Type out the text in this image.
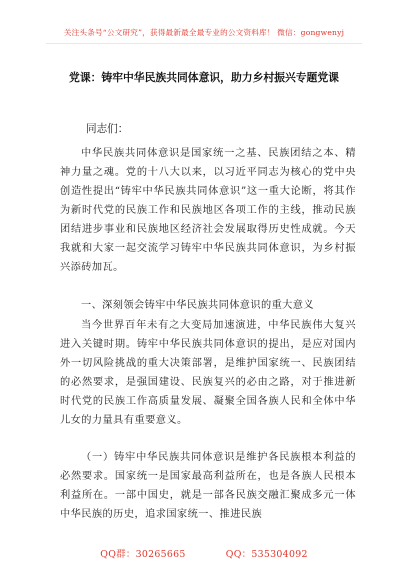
关注头条号“公文研究”，获得最新最全最专业的公文资料库！ 微信：gongwenyj
党课：铸牢中华民族共同体意识，助力乡村振兴专题党课
同志们：
中华民族共同体意识是国家统一之基、民族团结之本、精神力量之魂。党的十八大以来，以习近平同志为核心的党中央创造性提出“铸牢中华民族共同体意识”这一重大论断，将其作为新时代党的民族工作和民族地区各项工作的主线，推动民族团结进步事业和民族地区经济社会发展取得历史性成就。今天我就和大家一起交流学习铸牢中华民族共同体意识，为乡村振兴添砖加瓦。
一、深刻领会铸牢中华民族共同体意识的重大意义
当今世界百年未有之大变局加速演进，中华民族伟大复兴进入关键时期。铸牢中华民族共同体意识的提出，是应对国内外一切风险挑战的重大决策部署，是维护国家统一、民族团结的必然要求，是强国建设、民族复兴的必由之路，对于推进新时代党的民族工作高质量发展、凝聚全国各族人民和全体中华儿女的力量具有重要意义。
（一）铸牢中华民族共同体意识是维护各民族根本利益的必然要求。国家统一是国家最高利益所在，也是各族人民根本利益所在。一部中国史，就是一部各民族交融汇聚成多元一体中华民族的历史，追求国家统一、推进民族
QQ群：30265665	QQ：535304092
